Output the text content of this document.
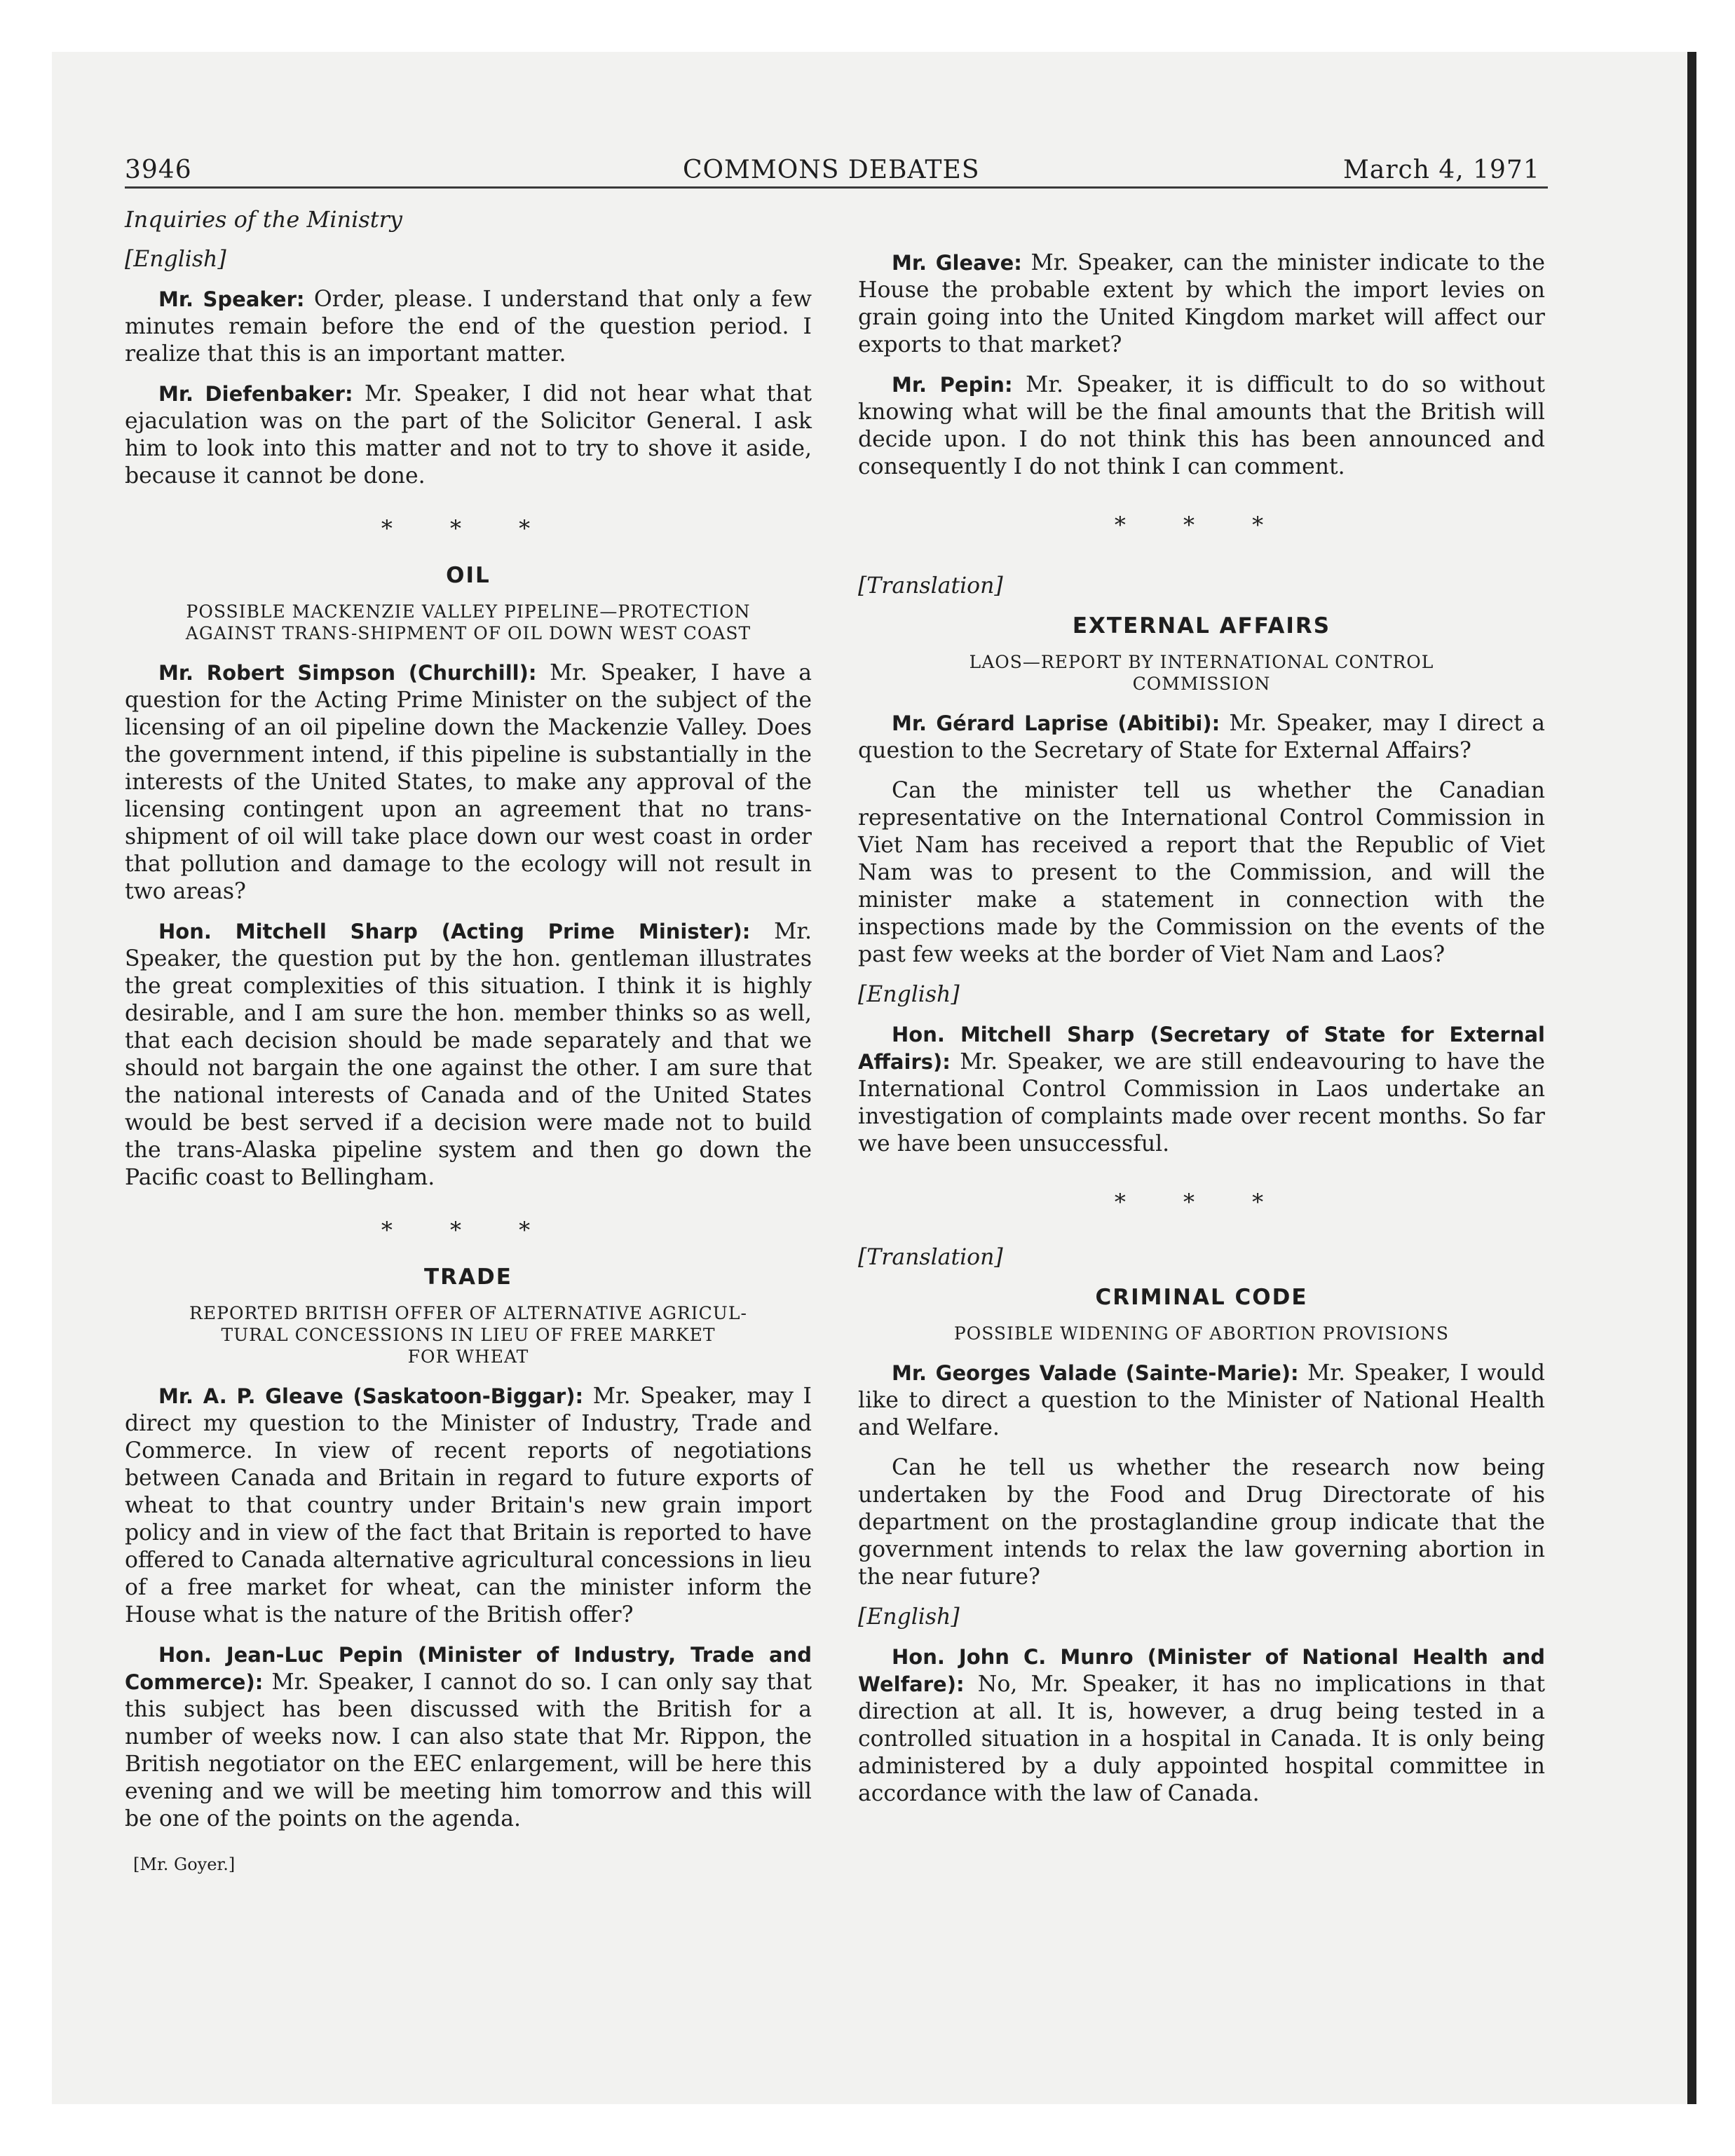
3946	COMMONS DEBATES	March 4, 1971

Inquiries of the Ministry

[English]

Mr. Speaker: Order, please. I understand that only a few minutes remain before the end of the question period. I realize that this is an important matter.

Mr. Diefenbaker: Mr. Speaker, I did not hear what that ejaculation was on the part of the Solicitor General. I ask him to look into this matter and not to try to shove it aside, because it cannot be done.

* * *
OIL
POSSIBLE MACKENZIE VALLEY PIPELINE—PROTECTION
AGAINST TRANS-SHIPMENT OF OIL DOWN WEST COAST

Mr. Robert Simpson (Churchill): Mr. Speaker, I have a question for the Acting Prime Minister on the subject of the licensing of an oil pipeline down the Mackenzie Valley. Does the government intend, if this pipeline is substantially in the interests of the United States, to make any approval of the licensing contingent upon an agreement that no trans-shipment of oil will take place down our west coast in order that pollution and damage to the ecology will not result in two areas?

Hon. Mitchell Sharp (Acting Prime Minister): Mr. Speaker, the question put by the hon. gentleman illustrates the great complexities of this situation. I think it is highly desirable, and I am sure the hon. member thinks so as well, that each decision should be made separately and that we should not bargain the one against the other. I am sure that the national interests of Canada and of the United States would be best served if a decision were made not to build the trans-Alaska pipeline system and then go down the Pacific coast to Bellingham.

* * *
TRADE
REPORTED BRITISH OFFER OF ALTERNATIVE AGRICUL-
TURAL CONCESSIONS IN LIEU OF FREE MARKET
FOR WHEAT

Mr. A. P. Gleave (Saskatoon-Biggar): Mr. Speaker, may I direct my question to the Minister of Industry, Trade and Commerce. In view of recent reports of negotiations between Canada and Britain in regard to future exports of wheat to that country under Britain's new grain import policy and in view of the fact that Britain is reported to have offered to Canada alternative agricultural concessions in lieu of a free market for wheat, can the minister inform the House what is the nature of the British offer?

Hon. Jean-Luc Pepin (Minister of Industry, Trade and Commerce): Mr. Speaker, I cannot do so. I can only say that this subject has been discussed with the British for a number of weeks now. I can also state that Mr. Rippon, the British negotiator on the EEC enlargement, will be here this evening and we will be meeting him tomorrow and this will be one of the points on the agenda.

[Mr. Goyer.]

Mr. Gleave: Mr. Speaker, can the minister indicate to the House the probable extent by which the import levies on grain going into the United Kingdom market will affect our exports to that market?

Mr. Pepin: Mr. Speaker, it is difficult to do so without knowing what will be the final amounts that the British will decide upon. I do not think this has been announced and consequently I do not think I can comment.

* * *

[Translation]

EXTERNAL AFFAIRS
LAOS—REPORT BY INTERNATIONAL CONTROL
COMMISSION

Mr. Gérard Laprise (Abitibi): Mr. Speaker, may I direct a question to the Secretary of State for External Affairs?

Can the minister tell us whether the Canadian representative on the International Control Commission in Viet Nam has received a report that the Republic of Viet Nam was to present to the Commission, and will the minister make a statement in connection with the inspections made by the Commission on the events of the past few weeks at the border of Viet Nam and Laos?

[English]

Hon. Mitchell Sharp (Secretary of State for External Affairs): Mr. Speaker, we are still endeavouring to have the International Control Commission in Laos undertake an investigation of complaints made over recent months. So far we have been unsuccessful.

* * *

[Translation]

CRIMINAL CODE
POSSIBLE WIDENING OF ABORTION PROVISIONS

Mr. Georges Valade (Sainte-Marie): Mr. Speaker, I would like to direct a question to the Minister of National Health and Welfare.

Can he tell us whether the research now being undertaken by the Food and Drug Directorate of his department on the prostaglandine group indicate that the government intends to relax the law governing abortion in the near future?

[English]

Hon. John C. Munro (Minister of National Health and Welfare): No, Mr. Speaker, it has no implications in that direction at all. It is, however, a drug being tested in a controlled situation in a hospital in Canada. It is only being administered by a duly appointed hospital committee in accordance with the law of Canada.
